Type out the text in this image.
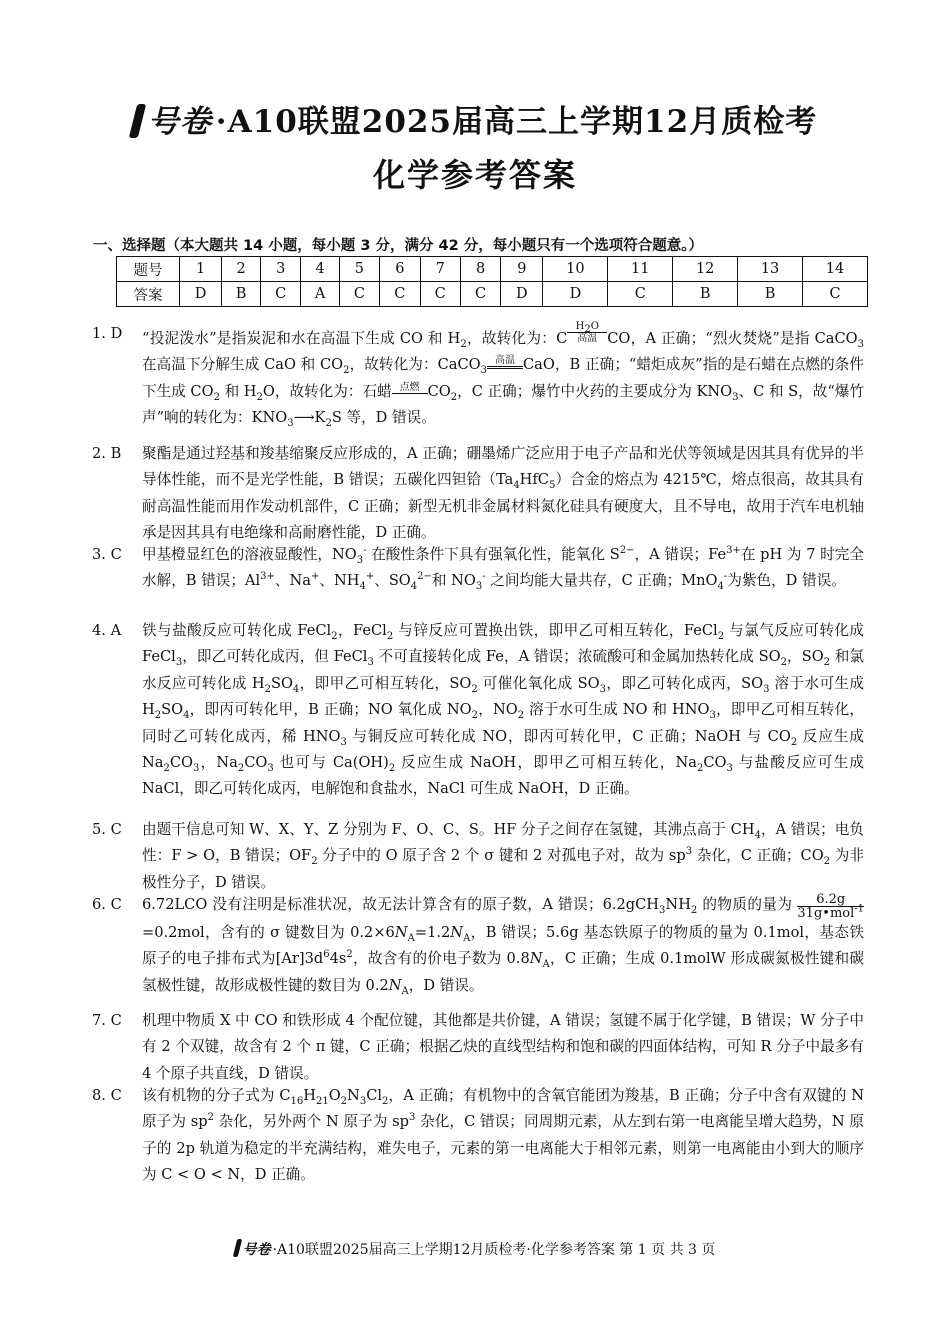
号卷 ·A10联盟2025届高三上学期12月质检考
化学参考答案
一、选择题（本大题共 14 小题，每小题 3 分，满分 42 分，每小题只有一个选项符合题意。）
题号	1	2	3	4	5	6	7	8	9	10	11	12	13	14
答案	D	B	C	A	C	C	C	C	D	D	C	B	B	C
1. D	“投泥泼水”是指炭泥和水在高温下生成 CO 和 $H_2$，故转化为：$CH_2O$

高温 CO，A 正确；“烈火焚烧”是指 CaCO$_3$ 在高温下分解生成 CaO 和 $CO_2$，故转化为：CaCO$_3$高温 CaO，B 正确；“蜡炬成灰”指的是石蜡在点燃的条件下生成 $CO_2$ 和 $H_2O$，故转化为：石蜡 点燃 $CO_2$，C 正确；爆竹中火药的主要成分为 $KNO_3$、C 和 S，故“爆竹声”响的转化为：$KNO_3⟶K_2S$ 等，D 错误。

2. B	聚酯是通过羟基和羧基缩聚反应形成的，A 正确；硼墨烯广泛应用于电子产品和光伏等领域是因其具有优异的半导体性能，而不是光学性能，B 错误；五碳化四钽铪$(Ta_4HfC_5)$合金的熔点为 4215℃，熔点很高，故其具有耐高温性能而用作发动机部件，C 正确；新型无机非金属材料氮化硅具有硬度大，且不导电，故用于汽车电机轴承是因其具有电绝缘和高耐磨性能，D 正确。

3. C	甲基橙显红色的溶液显酸性，$NO_3^-$ 在酸性条件下具有强氧化性，能氧化 $S^{2-}$，A 错误；$Fe^{3+}$在 pH 为 7 时完全水解，B 错误；$Al^{3+}$、Na+、$NH_4^+$、$SO_4^{2-}$和 $NO_3^-$ 之间均能大量共存，C 正确；MnO$_4$-为紫色，D 错误。

4. A	铁与盐酸反应可转化成 FeCl$_2$，FeCl$_2$ 与锌反应可置换出铁，即甲乙可相互转化，FeCl$_2$ 与氯气反应可转化成 FeCl$_3$，即乙可转化成丙，但 FeCl$_3$ 不可直接转化成 Fe，A 错误；浓硫酸可和金属加热转化成 $SO_2$，$SO_2$ 和氯水反应可转化成 $H_2SO_4$，即甲乙可相互转化，$SO_2$ 可催化氧化成 $SO_3$，即乙可转化成丙，$SO_3$ 溶于水可生成 $H_2SO_4$，即丙可转化甲，B 正确；NO 氧化成 $NO_2$，$NO_2$ 溶于水可生成 NO 和 $HNO_3$，即甲乙可相互转化，同时乙可转化成丙，稀 $HNO_3$ 与铜反应可转化成 NO，即丙可转化甲，C 正确；NaOH 与 $CO_2$ 反应生成 $Na_2CO_3$，$Na_2CO_3$ 也可与 $Ca(OH)_2$ 反应生成 NaOH，即甲乙可相互转化，$Na_2CO_3$ 与盐酸反应可生成 NaCl，即乙可转化成丙，电解饱和食盐水，NaCl 可生成 NaOH，D 正确。

5. C	由题干信息可知 W、X、Y、Z 分别为 F、O、C、S。HF 分子之间存在氢键，其沸点高于 $CH_4$，A 错误；电负性：F > O，B 错误；$OF_2$ 分子中的 O 原子含 2 个 σ 键和 2 对孤电子对，故为 $sp^3$ 杂化，C 正确；$CO_2$ 为非极性分子，D 错误。

6. C	6.72LCO 没有注明是标准状况，故无法计算含有的原子数，A 错误；$6.2gCH_3NH_2$ 的物质的量为	6.2g
31g•mol$^{-1}$
=0.2mol，含有的 σ 键数目为 $0.2\times 6N_A=1.2N_A$，B 错误；5.6g 基态铁原子的物质的量为 0.1mol，基态铁原子的电子排布式为$[Ar]3d^64s^2$，故含有的价电子数为 $0.8N_A$，C 正确；生成 0.1molW 形成碳氮极性键和碳氢极性键，故形成极性键的数目为 $0.2N_A$，D 错误。

7. C	机理中物质 X 中 CO 和铁形成 4 个配位键，其他都是共价键，A 错误；氢键不属于化学键，B 错误；W 分子中有 2 个双键，故含有 2 个 π 键，C 正确；根据乙炔的直线型结构和饱和碳的四面体结构，可知 R 分子中最多有 4 个原子共直线，D 错误。

8. C	该有机物的分子式为 $C_{16}H_{21}O_2N_3Cl_2$，A 正确；有机物中的含氧官能团为羧基，B 正确；分子中含有双键的 N 原子为 $sp^2$ 杂化，另外两个 N 原子为 $sp^3$ 杂化，C 错误；同周期元素，从左到右第一电离能呈增大趋势，N 原子的 2p 轨道为稳定的半充满结构，难失电子，元素的第一电离能大于相邻元素，则第一电离能由小到大的顺序为 C < O < N，D 正确。

号卷 ·A10联盟2025届高三上学期12月质检考·化学参考答案 第 1 页 共 3 页
